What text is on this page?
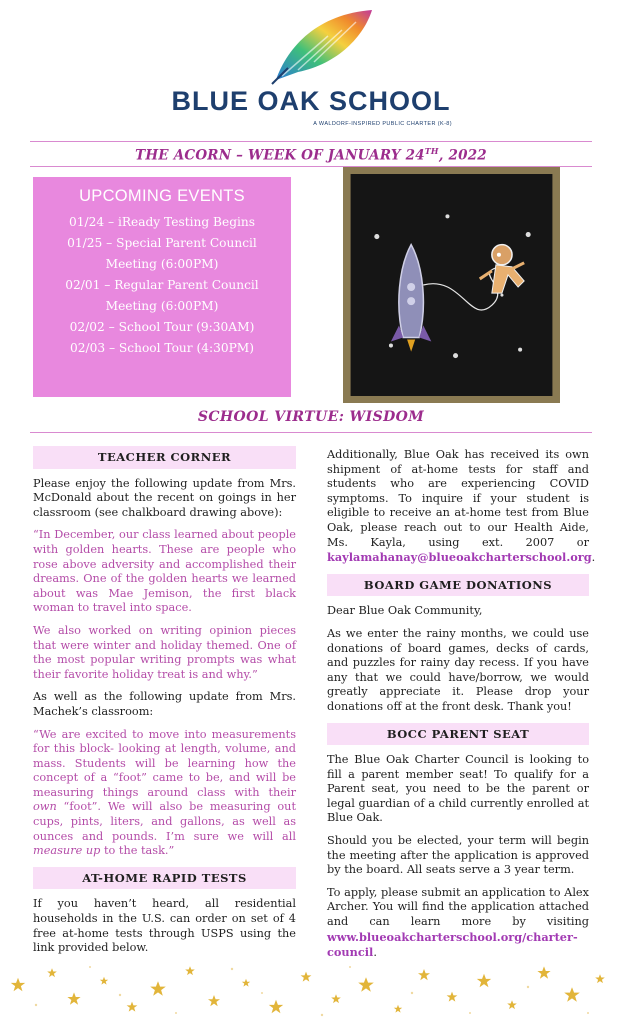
BLUE OAK SCHOOL
A WALDORF-INSPIRED PUBLIC CHARTER (K-8)
THE ACORN – WEEK OF JANUARY 24TH, 2022
UPCOMING EVENTS
01/24 – iReady Testing Begins
01/25 – Special Parent Council Meeting (6:00PM)
02/01 – Regular Parent Council Meeting (6:00PM)
02/02 – School Tour (9:30AM)
02/03 – School Tour (4:30PM)
SCHOOL VIRTUE: WISDOM
TEACHER CORNER

Please enjoy the following update from Mrs. McDonald about the recent on goings in her classroom (see chalkboard drawing above):

“In December, our class learned about people with golden hearts. These are people who rose above adversity and accomplished their dreams. One of the golden hearts we learned about was Mae Jemison, the first black woman to travel into space.

We also worked on writing opinion pieces that were winter and holiday themed. One of the most popular writing prompts was what their favorite holiday treat is and why.”

As well as the following update from Mrs. Machek’s classroom:

“We are excited to move into measurements for this block- looking at length, volume, and mass. Students will be learning how the concept of a “foot” came to be, and will be measuring things around class with their own “foot”. We will also be measuring out cups, pints, liters, and gallons, as well as ounces and pounds. I’m sure we will all measure up to the task.”

AT-HOME RAPID TESTS

If you haven’t heard, all residential households in the U.S. can order on set of 4 free at-home tests through USPS using the link provided below.

Additionally, Blue Oak has received its own shipment of at-home tests for staff and students who are experiencing COVID symptoms. To inquire if your student is eligible to receive an at-home test from Blue Oak, please reach out to our Health Aide, Ms. Kayla, using ext. 2007 or kaylamahanay@blueoakcharterschool.org.

BOARD GAME DONATIONS

Dear Blue Oak Community,

As we enter the rainy months, we could use donations of board games, decks of cards, and puzzles for rainy day recess. If you have any that we could have/borrow, we would greatly appreciate it. Please drop your donations off at the front desk. Thank you!

BOCC PARENT SEAT

The Blue Oak Charter Council is looking to fill a parent member seat! To qualify for a Parent seat, you need to be the parent or legal guardian of a child currently enrolled at Blue Oak.

Should you be elected, your term will begin the meeting after the application is approved by the board. All seats serve a 3 year term.

To apply, please submit an application to Alex Archer. You will find the application attached and can learn more by visiting www.blueoakcharterschool.org/charter-council.
